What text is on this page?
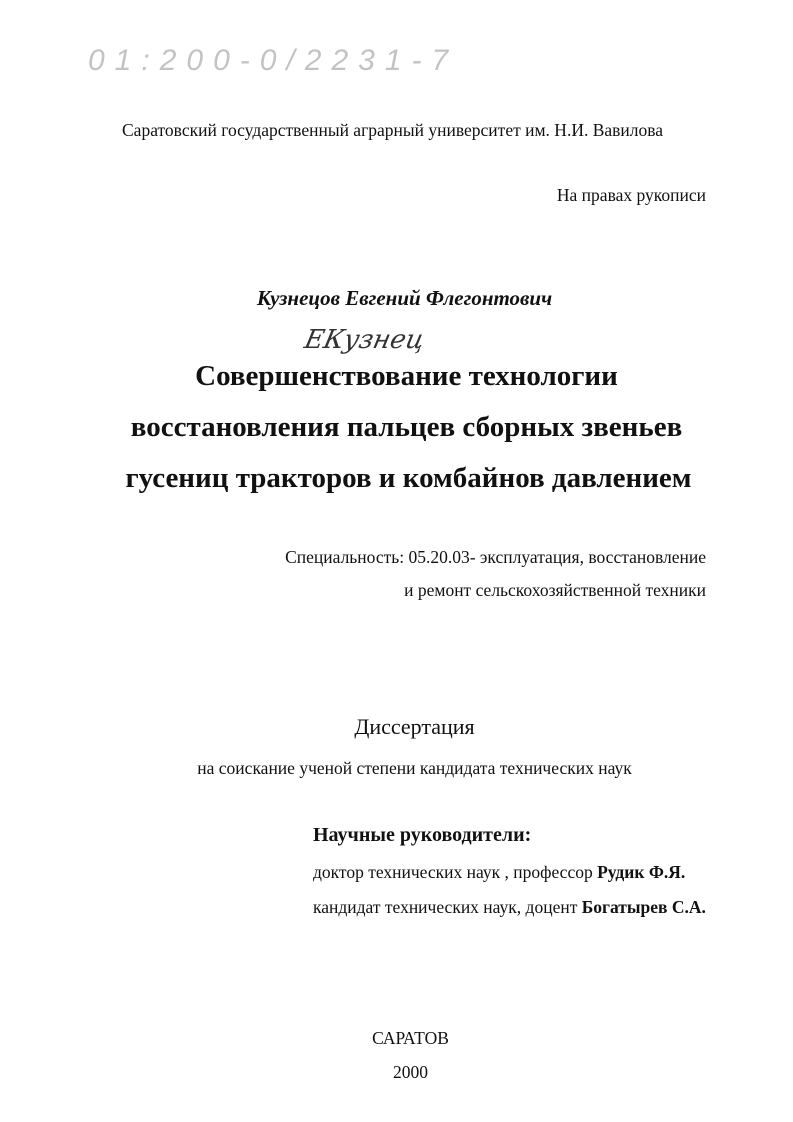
01:200-0/2231-7
Саратовский государственный аграрный университет им. Н.И. Вавилова
На правах рукописи
Кузнецов Евгений Флегонтович
ЕКузнец
Совершенствование технологии
восстановления пальцев сборных звеньев
гусениц тракторов и комбайнов давлением
Специальность: 05.20.03- эксплуатация, восстановление
и ремонт сельскохозяйственной техники
Диссертация
на соискание ученой степени кандидата технических наук
Научные руководители:
доктор технических наук , профессор Рудик Ф.Я.
кандидат технических наук, доцент Богатырев С.А.
САРАТОВ
2000
